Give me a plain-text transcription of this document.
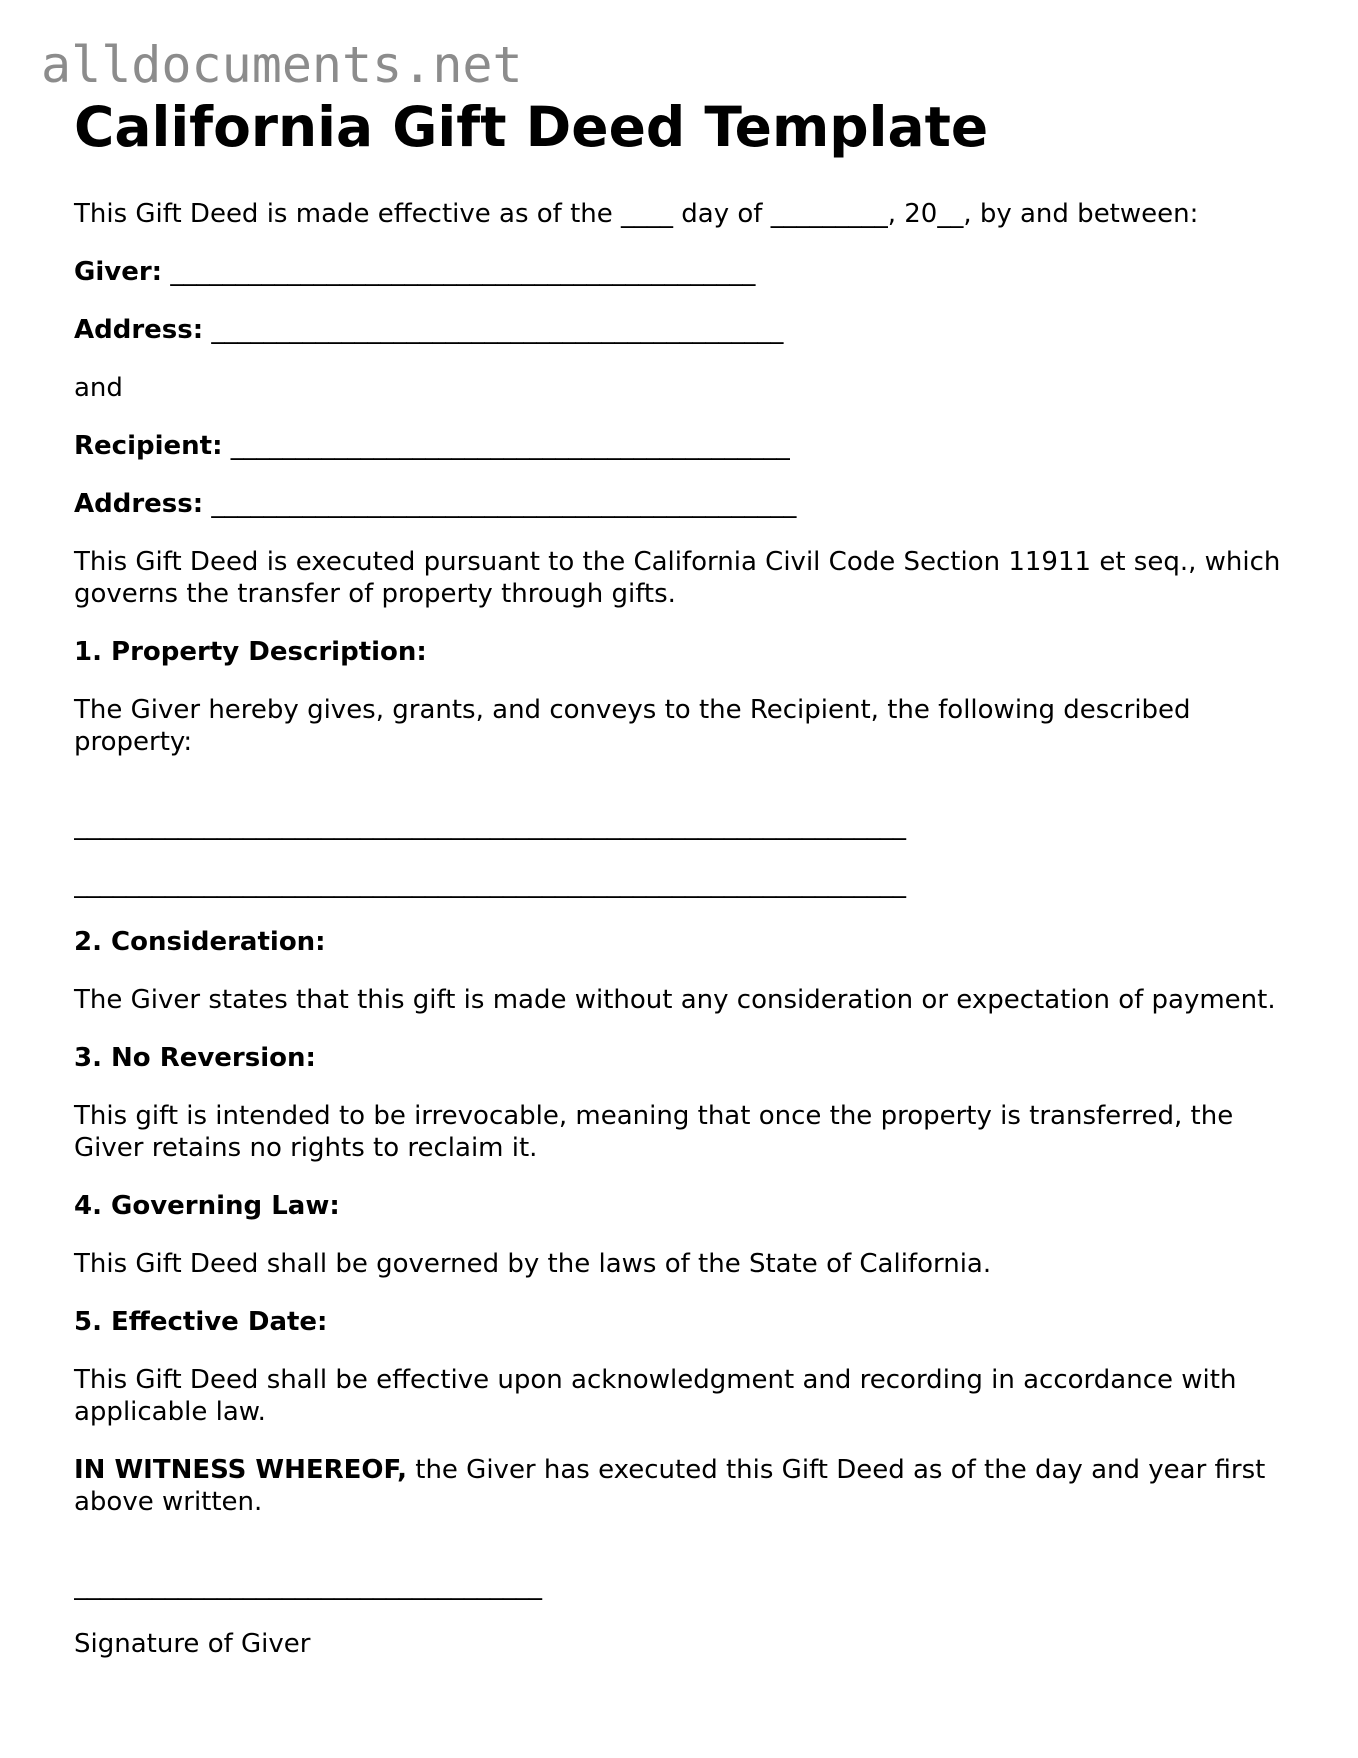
alldocuments.net
California Gift Deed Template

This Gift Deed is made effective as of the ____ day of _________, 20__, by and between:

Giver: _____________________________________________

Address: ____________________________________________

and

Recipient: ___________________________________________

Address: _____________________________________________

This Gift Deed is executed pursuant to the California Civil Code Section 11911 et seq., which governs the transfer of property through gifts.

1. Property Description:

The Giver hereby gives, grants, and conveys to the Recipient, the following described property:

________________________________________________________________
________________________________________________________________
2. Consideration:

The Giver states that this gift is made without any consideration or expectation of payment.

3. No Reversion:

This gift is intended to be irrevocable, meaning that once the property is transferred, the Giver retains no rights to reclaim it.

4. Governing Law:

This Gift Deed shall be governed by the laws of the State of California.

5. Effective Date:

This Gift Deed shall be effective upon acknowledgment and recording in accordance with applicable law.

IN WITNESS WHEREOF, the Giver has executed this Gift Deed as of the day and year first above written.

____________________________________

Signature of Giver
